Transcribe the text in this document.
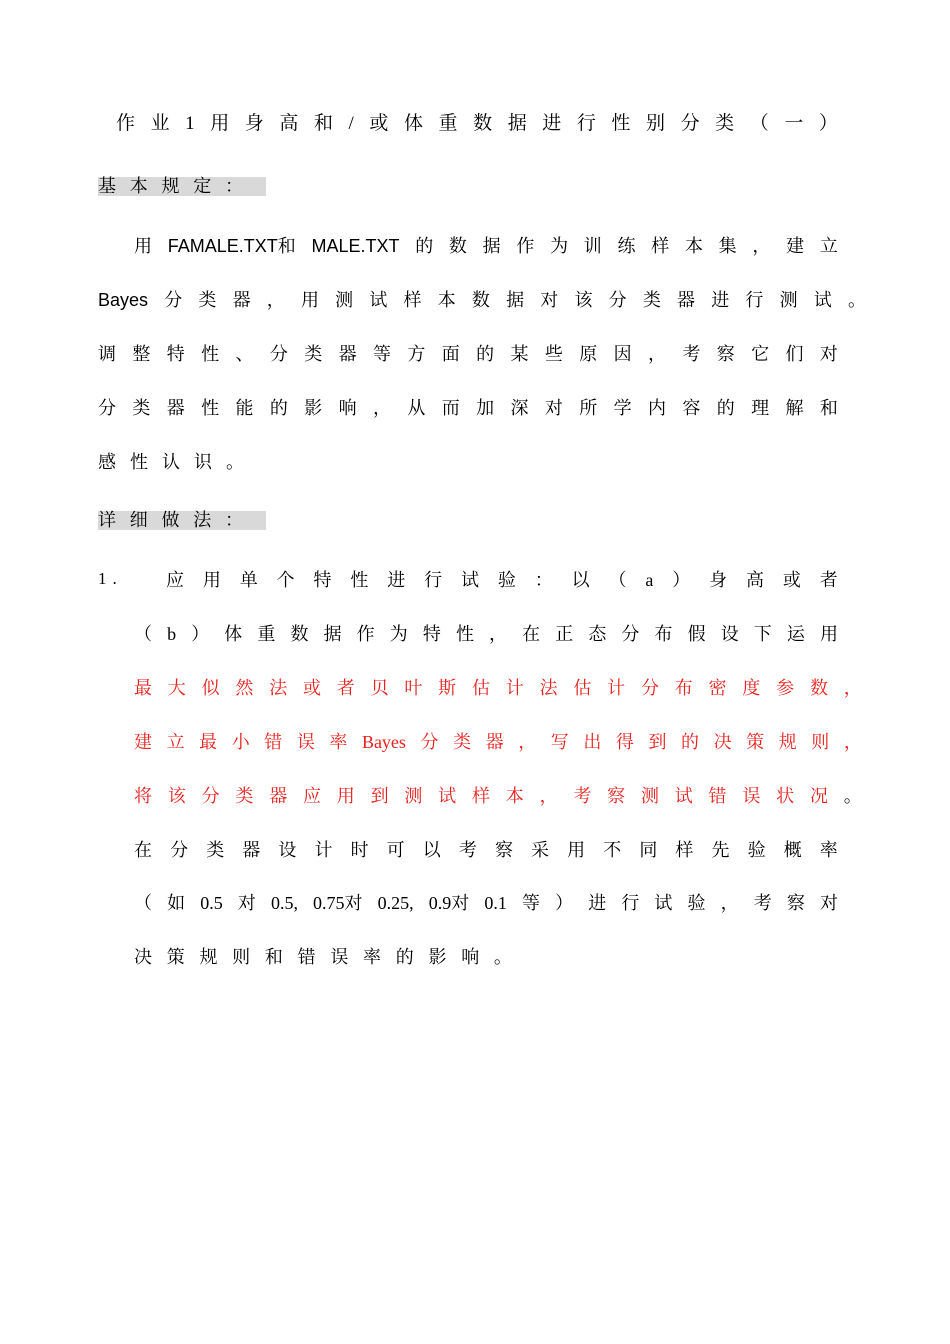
作 业 1 用 身 高 和 / 或 体 重 数 据 进 行 性 别 分 类 （ 一 ）
基 本 规 定 ：
用 FAMALE.TXT和 MALE.TXT 的 数 据 作 为 训 练 样 本 集 ， 建 立
Bayes 分 类 器 ， 用 测 试 样 本 数 据 对 该 分 类 器 进 行 测 试 。
调 整 特 性 、 分 类 器 等 方 面 的 某 些 原 因 ， 考 察 它 们 对
分 类 器 性 能 的 影 响 ， 从 而 加 深 对 所 学 内 容 的 理 解 和
感 性 认 识 。
详 细 做 法 ：
1. 应 用 单 个 特 性 进 行 试 验 ： 以 （ a ） 身 高 或 者
（ b ） 体 重 数 据 作 为 特 性 ， 在 正 态 分 布 假 设 下 运 用
最 大 似 然 法 或 者 贝 叶 斯 估 计 法 估 计 分 布 密 度 参 数 ，
建 立 最 小 错 误 率 Bayes 分 类 器 ， 写 出 得 到 的 决 策 规 则 ，
将 该 分 类 器 应 用 到 测 试 样 本 ， 考 察 测 试 错 误 状 况 。
在 分 类 器 设 计 时 可 以 考 察 采 用 不 同 样 先 验 概 率
（ 如 0.5 对 0.5, 0.75对 0.25, 0.9对 0.1 等 ） 进 行 试 验 ， 考 察 对
决 策 规 则 和 错 误 率 的 影 响 。
